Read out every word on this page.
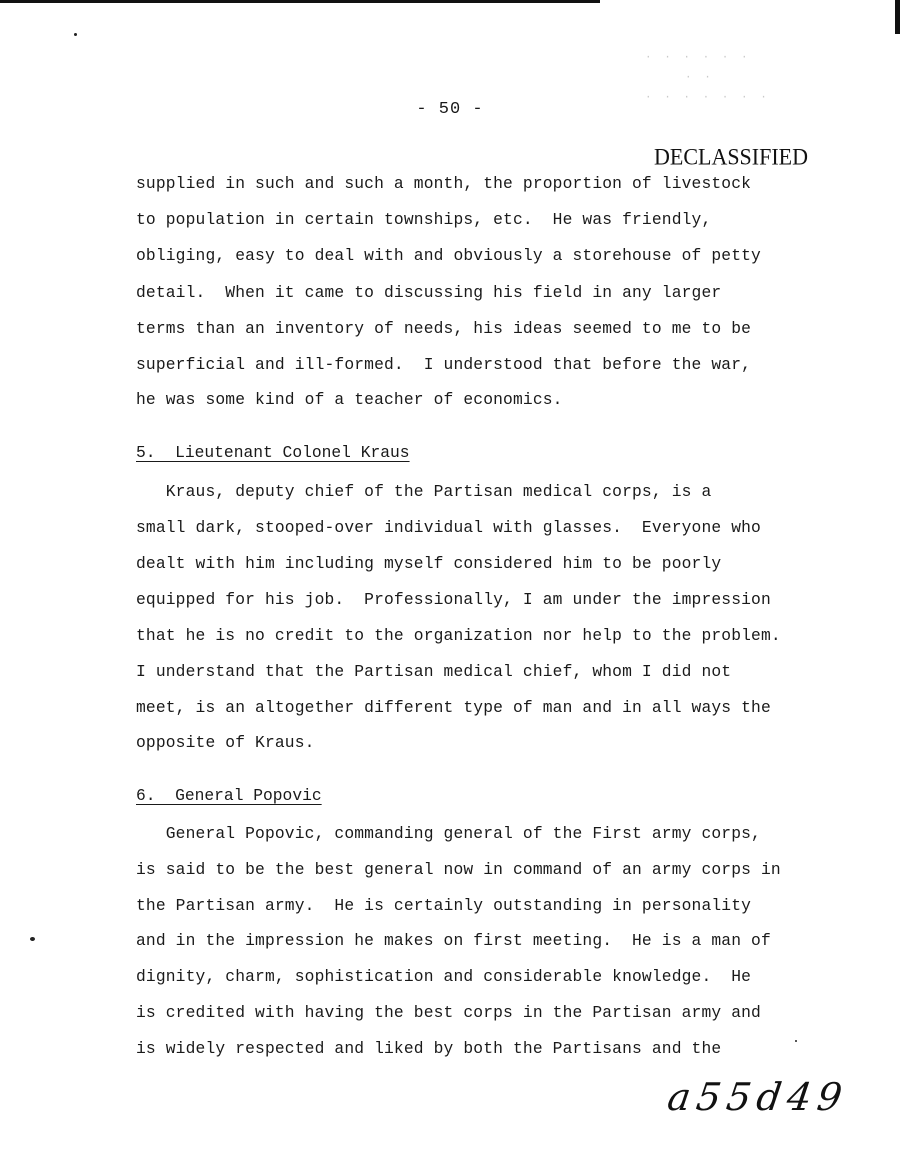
· · · · · ·
· ·
· · · · · · ·
- 50 -
DECLASSIFIED
supplied in such and such a month, the proportion of livestock
to population in certain townships, etc.  He was friendly,
obliging, easy to deal with and obviously a storehouse of petty
detail.  When it came to discussing his field in any larger
terms than an inventory of needs, his ideas seemed to me to be
superficial and ill-formed.  I understood that before the war,
he was some kind of a teacher of economics.
5.  Lieutenant Colonel Kraus
Kraus, deputy chief of the Partisan medical corps, is a
small dark, stooped-over individual with glasses.  Everyone who
dealt with him including myself considered him to be poorly
equipped for his job.  Professionally, I am under the impression
that he is no credit to the organization nor help to the problem.
I understand that the Partisan medical chief, whom I did not
meet, is an altogether different type of man and in all ways the
opposite of Kraus.
6.  General Popovic
General Popovic, commanding general of the First army corps,
is said to be the best general now in command of an army corps in
the Partisan army.  He is certainly outstanding in personality
and in the impression he makes on first meeting.  He is a man of
dignity, charm, sophistication and considerable knowledge.  He
is credited with having the best corps in the Partisan army and
is widely respected and liked by both the Partisans and the
a55d49
